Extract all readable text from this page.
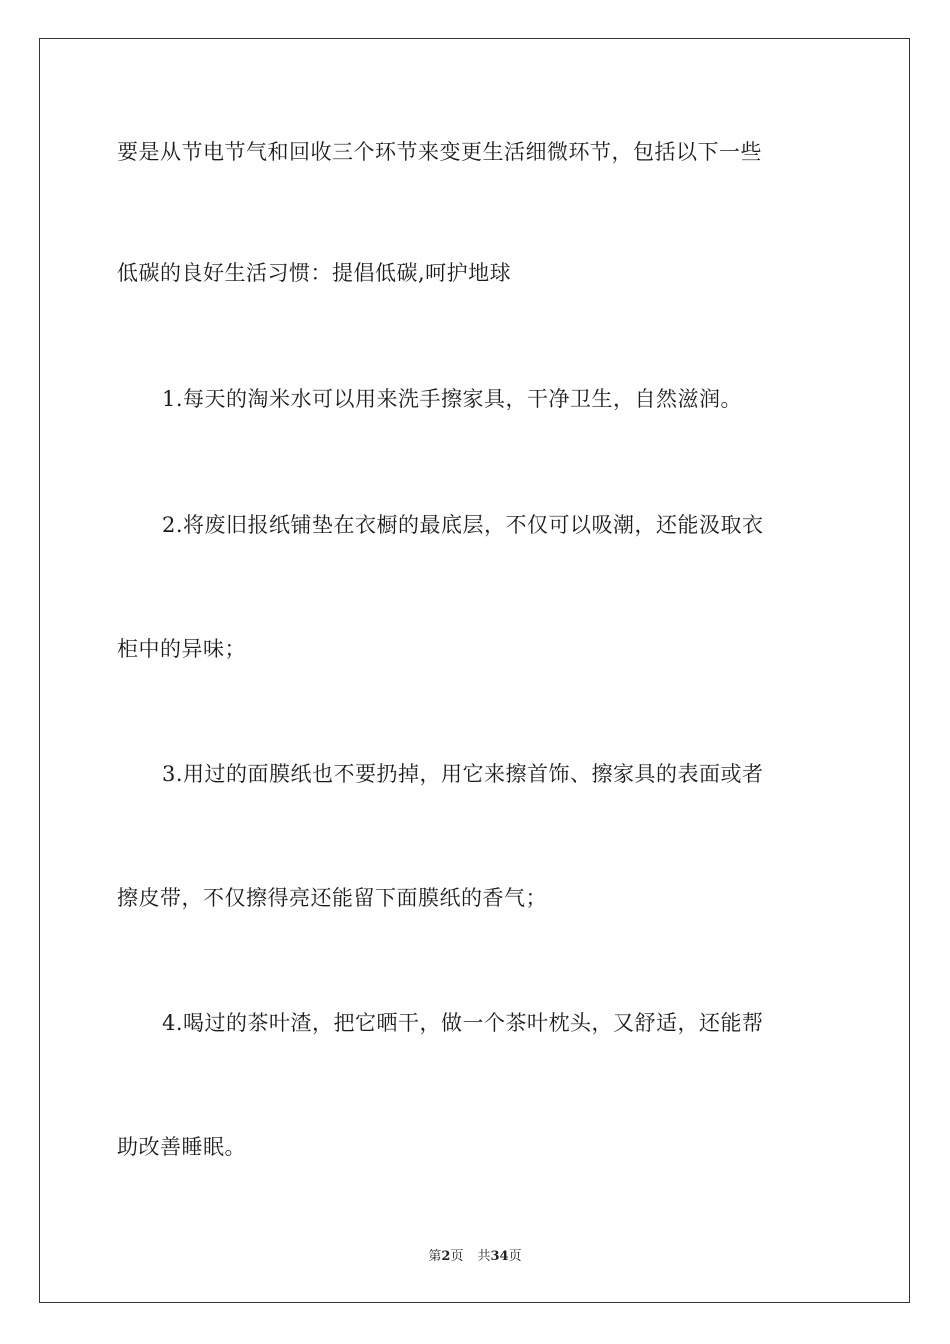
要是从节电节气和回收三个环节来变更生活细微环节，包括以下一些
低碳的良好生活习惯：提倡低碳,呵护地球
1.每天的淘米水可以用来洗手擦家具，干净卫生，自然滋润。
2.将废旧报纸铺垫在衣橱的最底层，不仅可以吸潮，还能汲取衣
柜中的异味；
3.用过的面膜纸也不要扔掉，用它来擦首饰、擦家具的表面或者
擦皮带，不仅擦得亮还能留下面膜纸的香气；
4.喝过的茶叶渣，把它晒干，做一个茶叶枕头，又舒适，还能帮
助改善睡眠。
第2页 共34页
